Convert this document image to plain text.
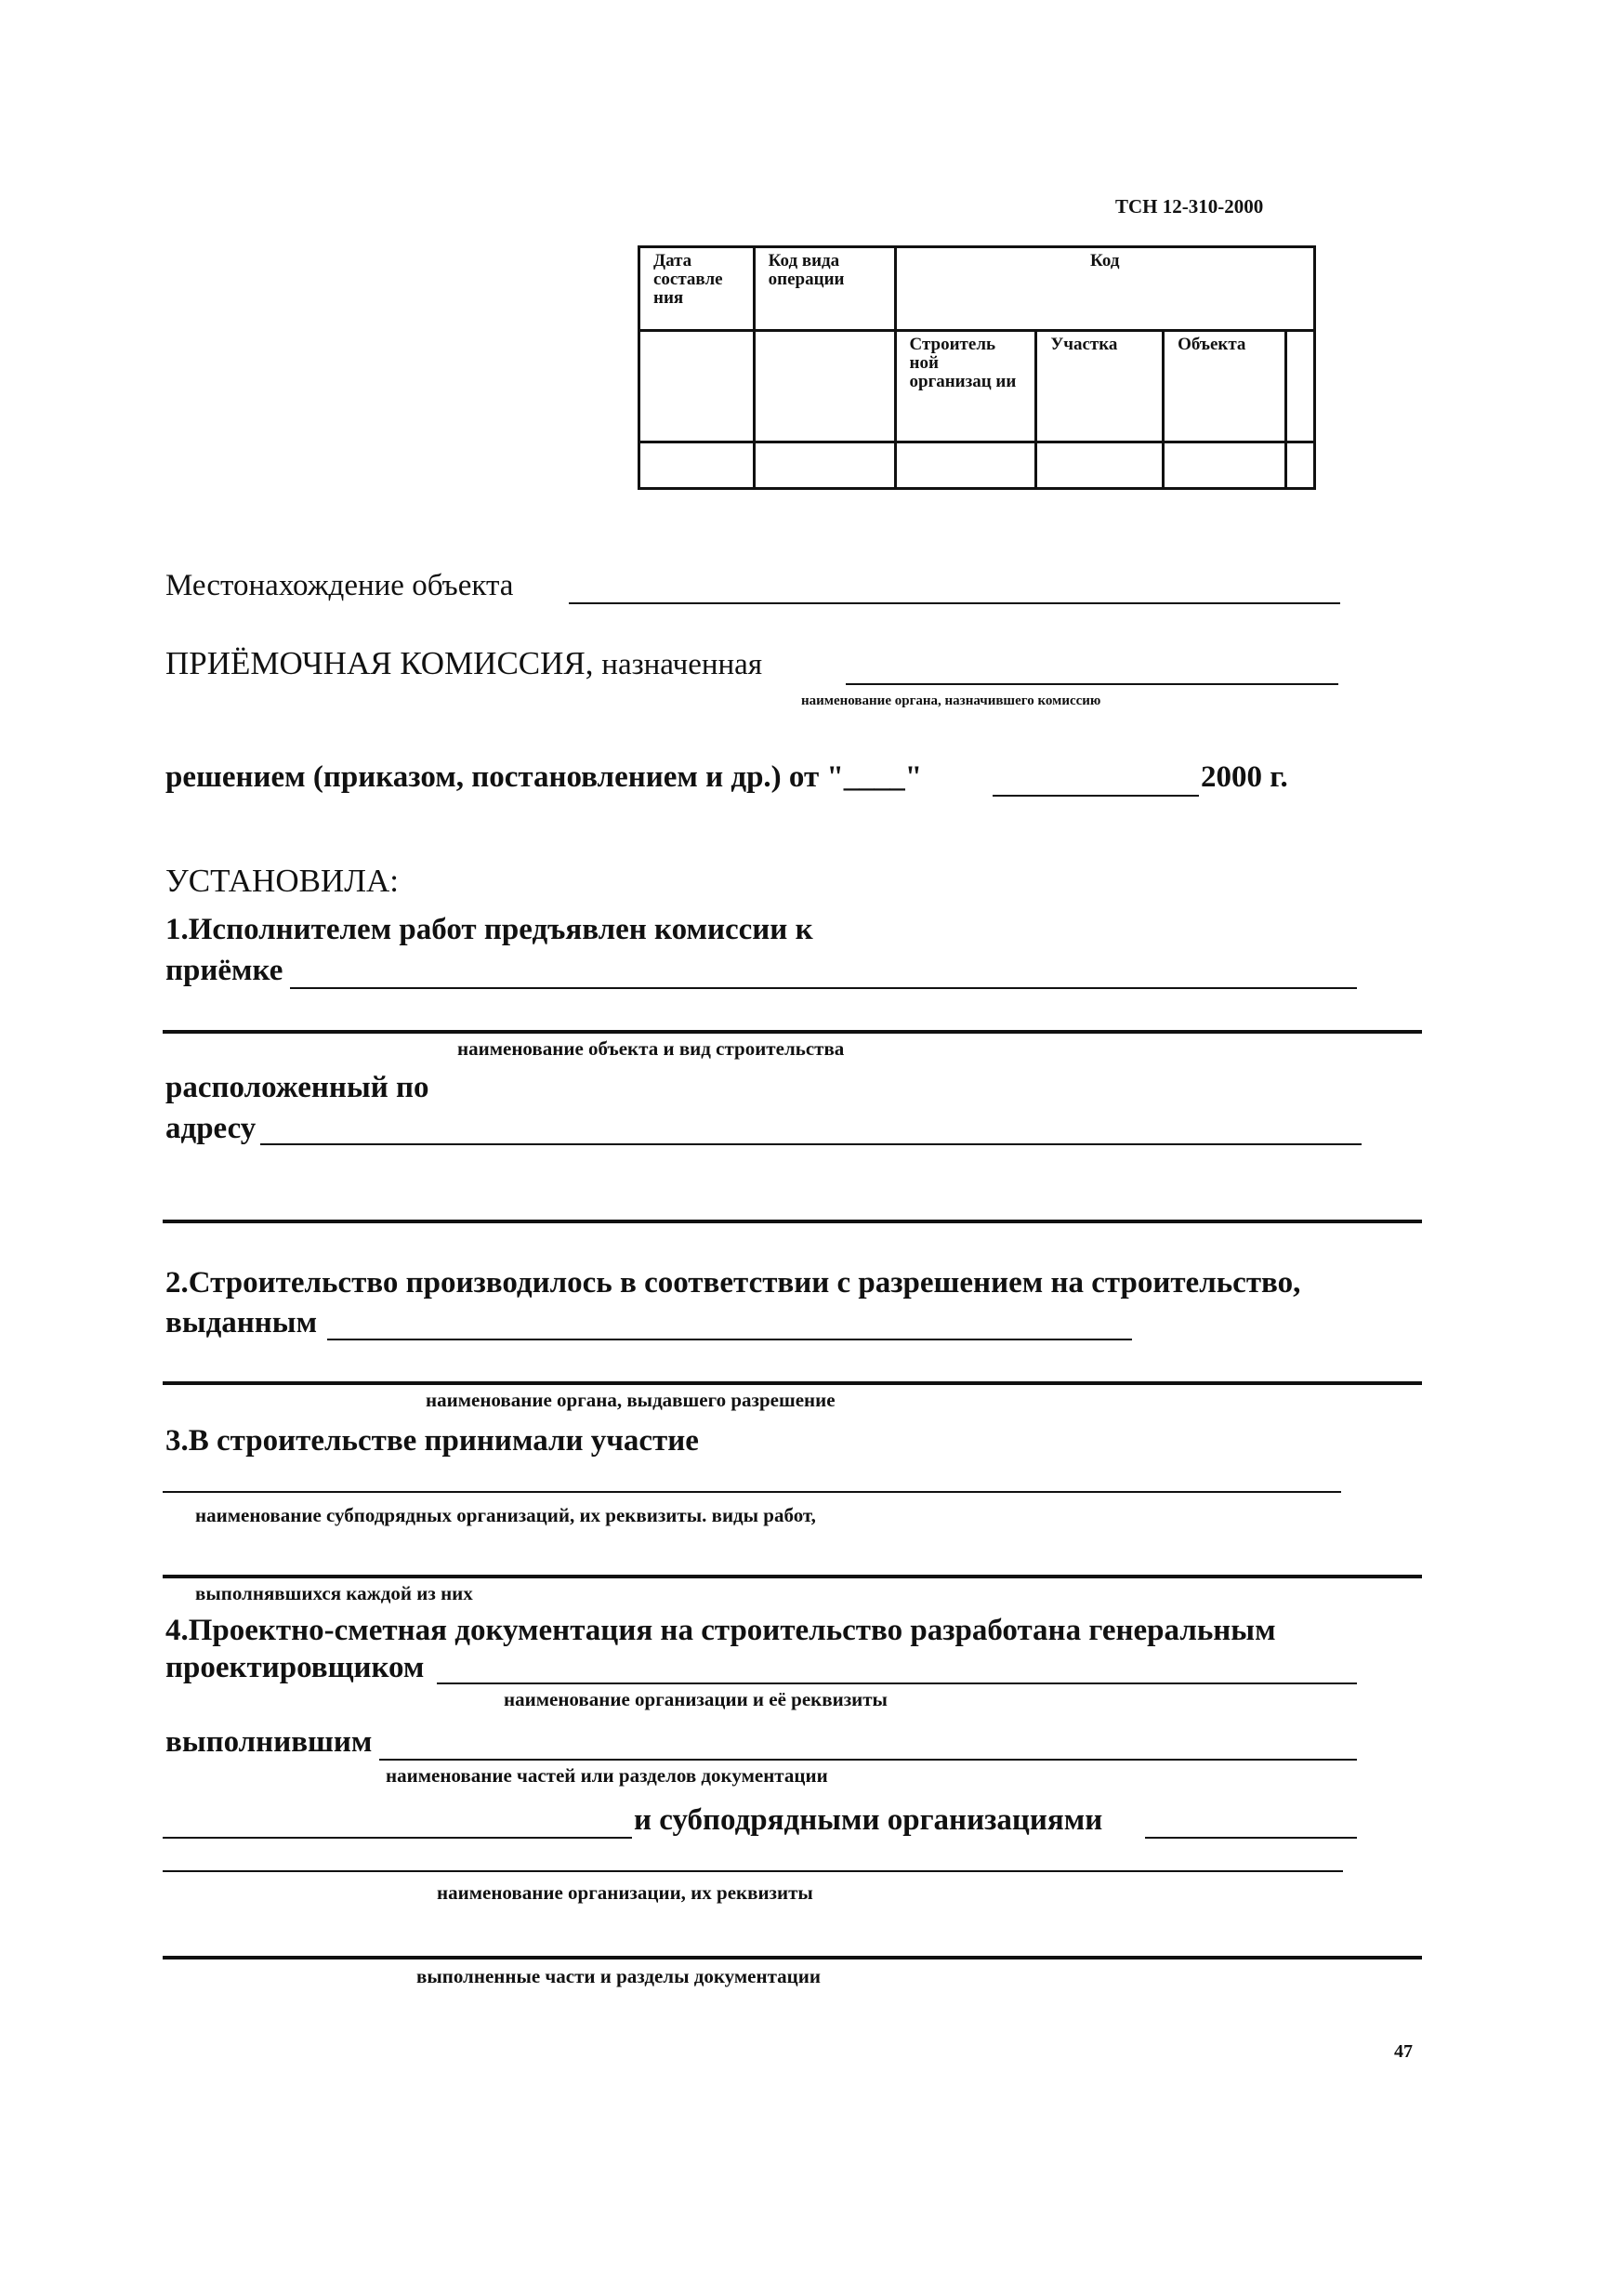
ТСН 12-310-2000
Дата составле ния	Код вида операции	Код			
		Строитель ной организац ии	Участка	Объекта	

Местонахождение объекта
ПРИЁМОЧНАЯ КОМИССИЯ, назначенная
наименование органа, назначившего комиссию
решением (приказом, постановлением и др.) от "____"	2000 г.
УСТАНОВИЛА:
1.Исполнителем работ предъявлен комиссии к
приёмке
наименование объекта и вид строительства
расположенный по
адресу
2.Строительство производилось в соответствии с разрешением на строительство,
выданным
наименование органа, выдавшего разрешение
3.В строительстве принимали участие
наименование субподрядных организаций, их реквизиты. виды работ,
выполнявшихся каждой из них
4.Проектно-сметная документация на строительство разработана генеральным
проектировщиком
наименование организации и её реквизиты
выполнившим
наименование частей или разделов документации
и субподрядными организациями
наименование организации, их реквизиты
выполненные части и разделы документации
47
